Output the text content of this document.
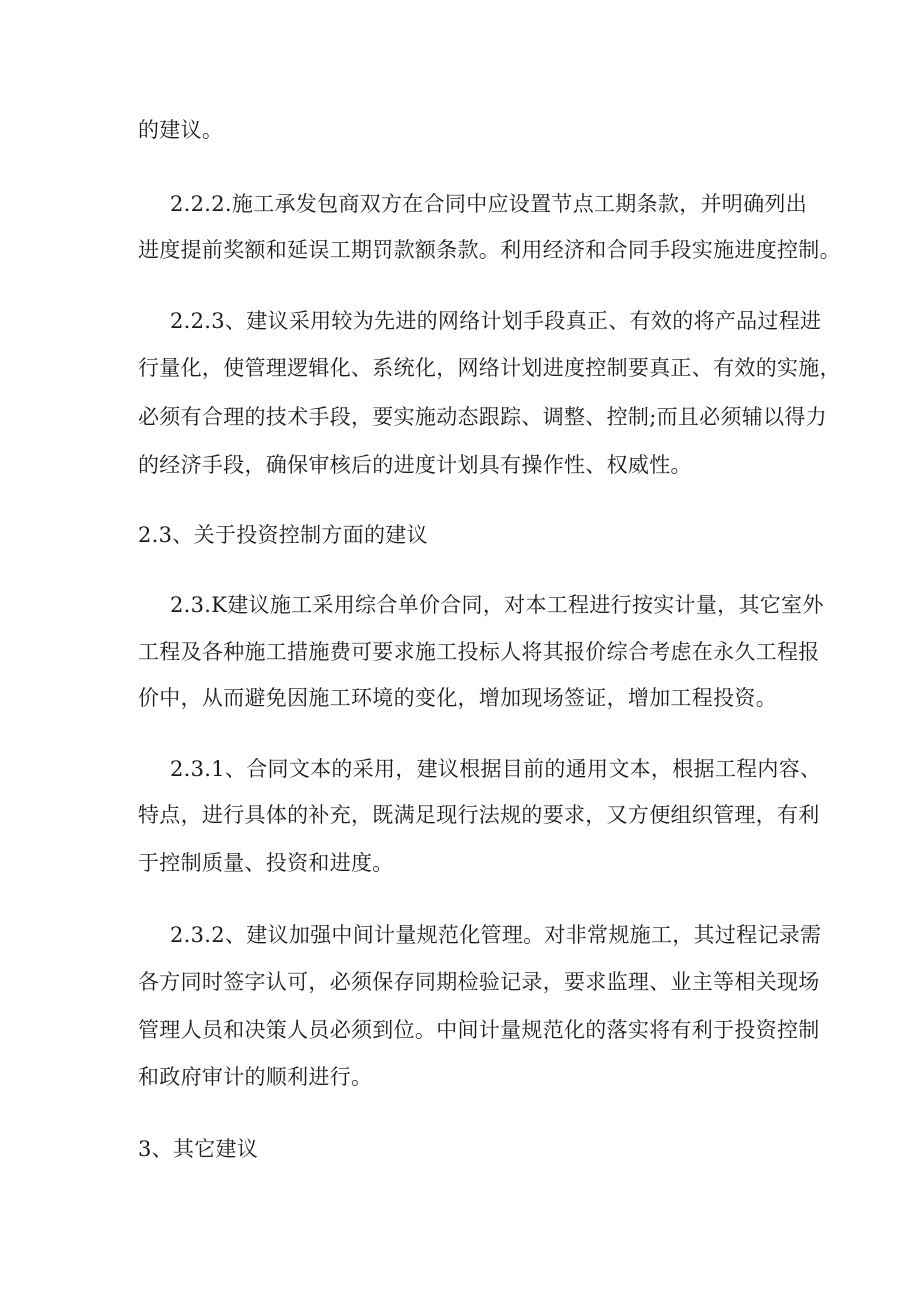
的建议。
2.2.2.施工承发包商双方在合同中应设置节点工期条款，并明确列出
进度提前奖额和延误工期罚款额条款。利用经济和合同手段实施进度控制。
2.2.3、建议采用较为先进的网络计划手段真正、有效的将产品过程进
行量化，使管理逻辑化、系统化，网络计划进度控制要真正、有效的实施，
必须有合理的技术手段，要实施动态跟踪、调整、控制;而且必须辅以得力
的经济手段，确保审核后的进度计划具有操作性、权威性。
2.3、关于投资控制方面的建议
2.3.K建议施工采用综合单价合同，对本工程进行按实计量，其它室外
工程及各种施工措施费可要求施工投标人将其报价综合考虑在永久工程报
价中，从而避免因施工环境的变化，增加现场签证，增加工程投资。
2.3.1、合同文本的采用，建议根据目前的通用文本，根据工程内容、
特点，进行具体的补充，既满足现行法规的要求，又方便组织管理，有利
于控制质量、投资和进度。
2.3.2、建议加强中间计量规范化管理。对非常规施工，其过程记录需
各方同时签字认可，必须保存同期检验记录，要求监理、业主等相关现场
管理人员和决策人员必须到位。中间计量规范化的落实将有利于投资控制
和政府审计的顺利进行。
3、其它建议
